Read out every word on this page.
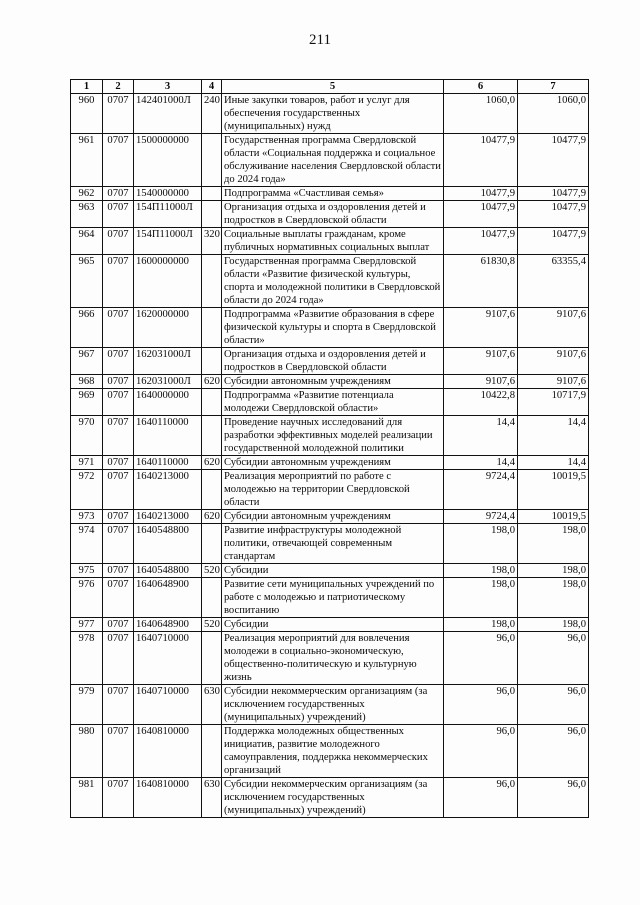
211
1	2	3	4	5	6	7
960	0707	142401000Л	240	Иные закупки товаров, работ и услуг для обеспечения государственных (муниципальных) нужд	1060,0	1060,0
961	0707	1500000000		Государственная программа Свердловской области «Социальная поддержка и социальное обслуживание населения Свердловской области до 2024 года»	10477,9	10477,9
962	0707	1540000000		Подпрограмма «Счастливая семья»	10477,9	10477,9
963	0707	154П11000Л		Организация отдыха и оздоровления детей и подростков в Свердловской области	10477,9	10477,9
964	0707	154П11000Л	320	Социальные выплаты гражданам, кроме публичных нормативных социальных выплат	10477,9	10477,9
965	0707	1600000000		Государственная программа Свердловской области «Развитие физической культуры, спорта и молодежной политики в Свердловской области до 2024 года»	61830,8	63355,4
966	0707	1620000000		Подпрограмма «Развитие образования в сфере физической культуры и спорта в Свердловской области»	9107,6	9107,6
967	0707	162031000Л		Организация отдыха и оздоровления детей и подростков в Свердловской области	9107,6	9107,6
968	0707	162031000Л	620	Субсидии автономным учреждениям	9107,6	9107,6
969	0707	1640000000		Подпрограмма «Развитие потенциала молодежи Свердловской области»	10422,8	10717,9
970	0707	1640110000		Проведение научных исследований для разработки эффективных моделей реализации государственной молодежной политики	14,4	14,4
971	0707	1640110000	620	Субсидии автономным учреждениям	14,4	14,4
972	0707	1640213000		Реализация мероприятий по работе с молодежью на территории Свердловской области	9724,4	10019,5
973	0707	1640213000	620	Субсидии автономным учреждениям	9724,4	10019,5
974	0707	1640548800		Развитие инфраструктуры молодежной политики, отвечающей современным стандартам	198,0	198,0
975	0707	1640548800	520	Субсидии	198,0	198,0
976	0707	1640648900		Развитие сети муниципальных учреждений по работе с молодежью и патриотическому воспитанию	198,0	198,0
977	0707	1640648900	520	Субсидии	198,0	198,0
978	0707	1640710000		Реализация мероприятий для вовлечения молодежи в социально-экономическую, общественно-политическую и культурную жизнь	96,0	96,0
979	0707	1640710000	630	Субсидии некоммерческим организациям (за исключением государственных (муниципальных) учреждений)	96,0	96,0
980	0707	1640810000		Поддержка молодежных общественных инициатив, развитие молодежного самоуправления, поддержка некоммерческих организаций	96,0	96,0
981	0707	1640810000	630	Субсидии некоммерческим организациям (за исключением государственных (муниципальных) учреждений)	96,0	96,0
